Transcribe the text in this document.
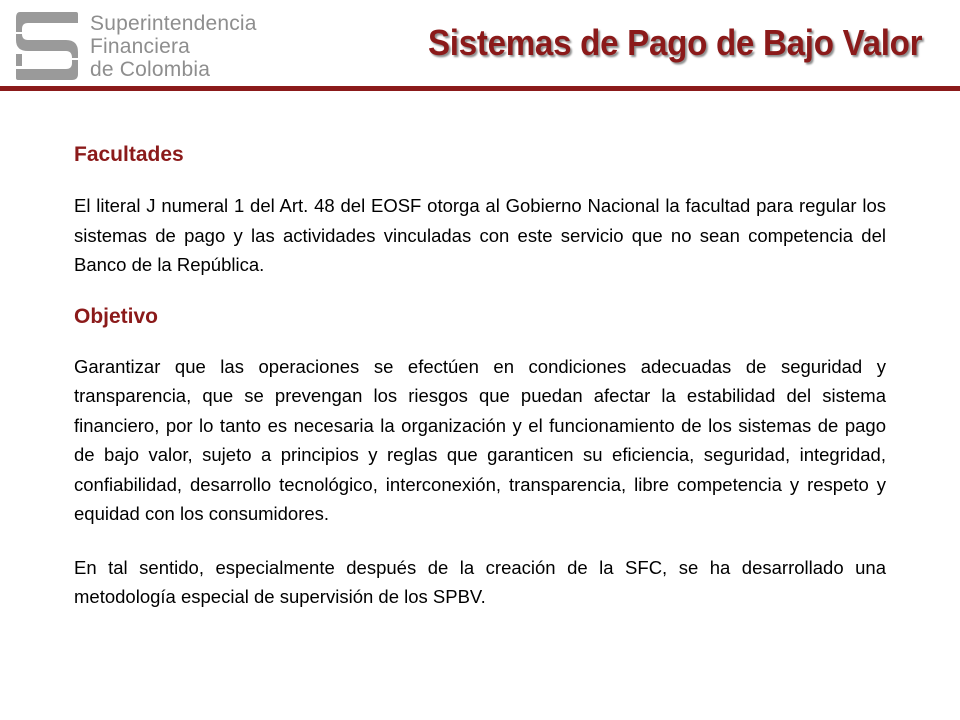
Superintendencia
Financiera
de Colombia
Sistemas de Pago de Bajo Valor
Facultades

El literal J numeral 1 del Art. 48 del EOSF otorga al Gobierno Nacional la facultad para regular los sistemas de pago y las actividades vinculadas con este servicio que no sean competencia del Banco de la República.

Objetivo

Garantizar que las operaciones se efectúen en condiciones adecuadas de seguridad y transparencia, que se prevengan los riesgos que puedan afectar la estabilidad del sistema financiero, por lo tanto es necesaria la organización y el funcionamiento de los sistemas de pago de bajo valor, sujeto a principios y reglas que garanticen su eficiencia, seguridad, integridad, confiabilidad, desarrollo tecnológico, interconexión, transparencia, libre competencia y respeto y equidad con los consumidores.

En tal sentido, especialmente después de la creación de la SFC, se ha desarrollado una metodología especial de supervisión de los SPBV.
